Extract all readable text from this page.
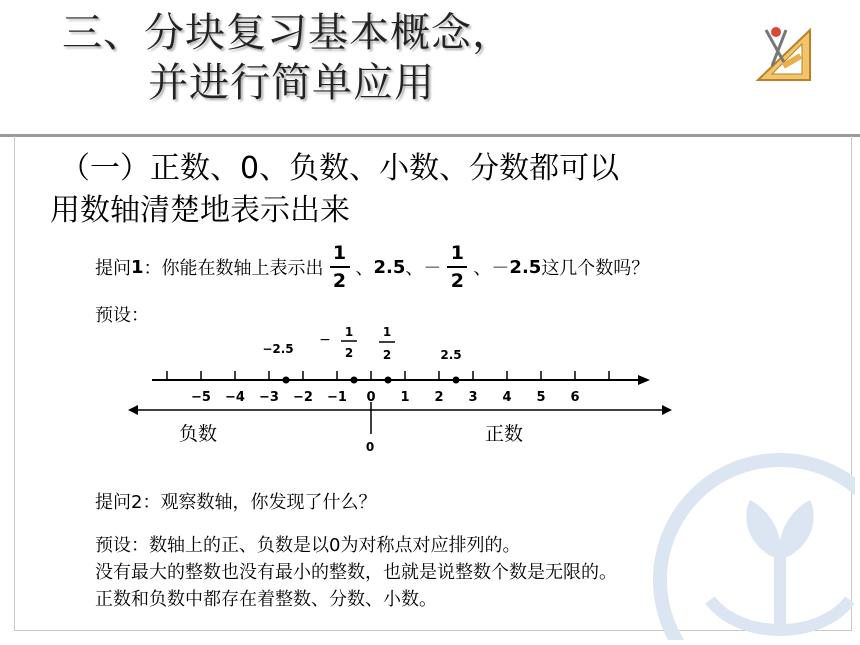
三、分块复习基本概念，
并进行简单应用
（一）正数、0、负数、小数、分数都可以
用数轴清楚地表示出来
提问 1 ：你能在数轴上表示出 $\frac{1}{2}$ 、 2.5 、－ $\frac{1}{2}$ 、－ 2.5 这几个数吗？
预设：
−5 −4 −3 −2 −1 0 1 2 3 4 5 6
−2.5
− 1
2
1
2	2.5
负数	正数
0
提问2：观察数轴，你发现了什么？
预设：数轴上的正、负数是以0为对称点对应排列的。
没有最大的整数也没有最小的整数，也就是说整数个数是无限的。
正数和负数中都存在着整数、分数、小数。
